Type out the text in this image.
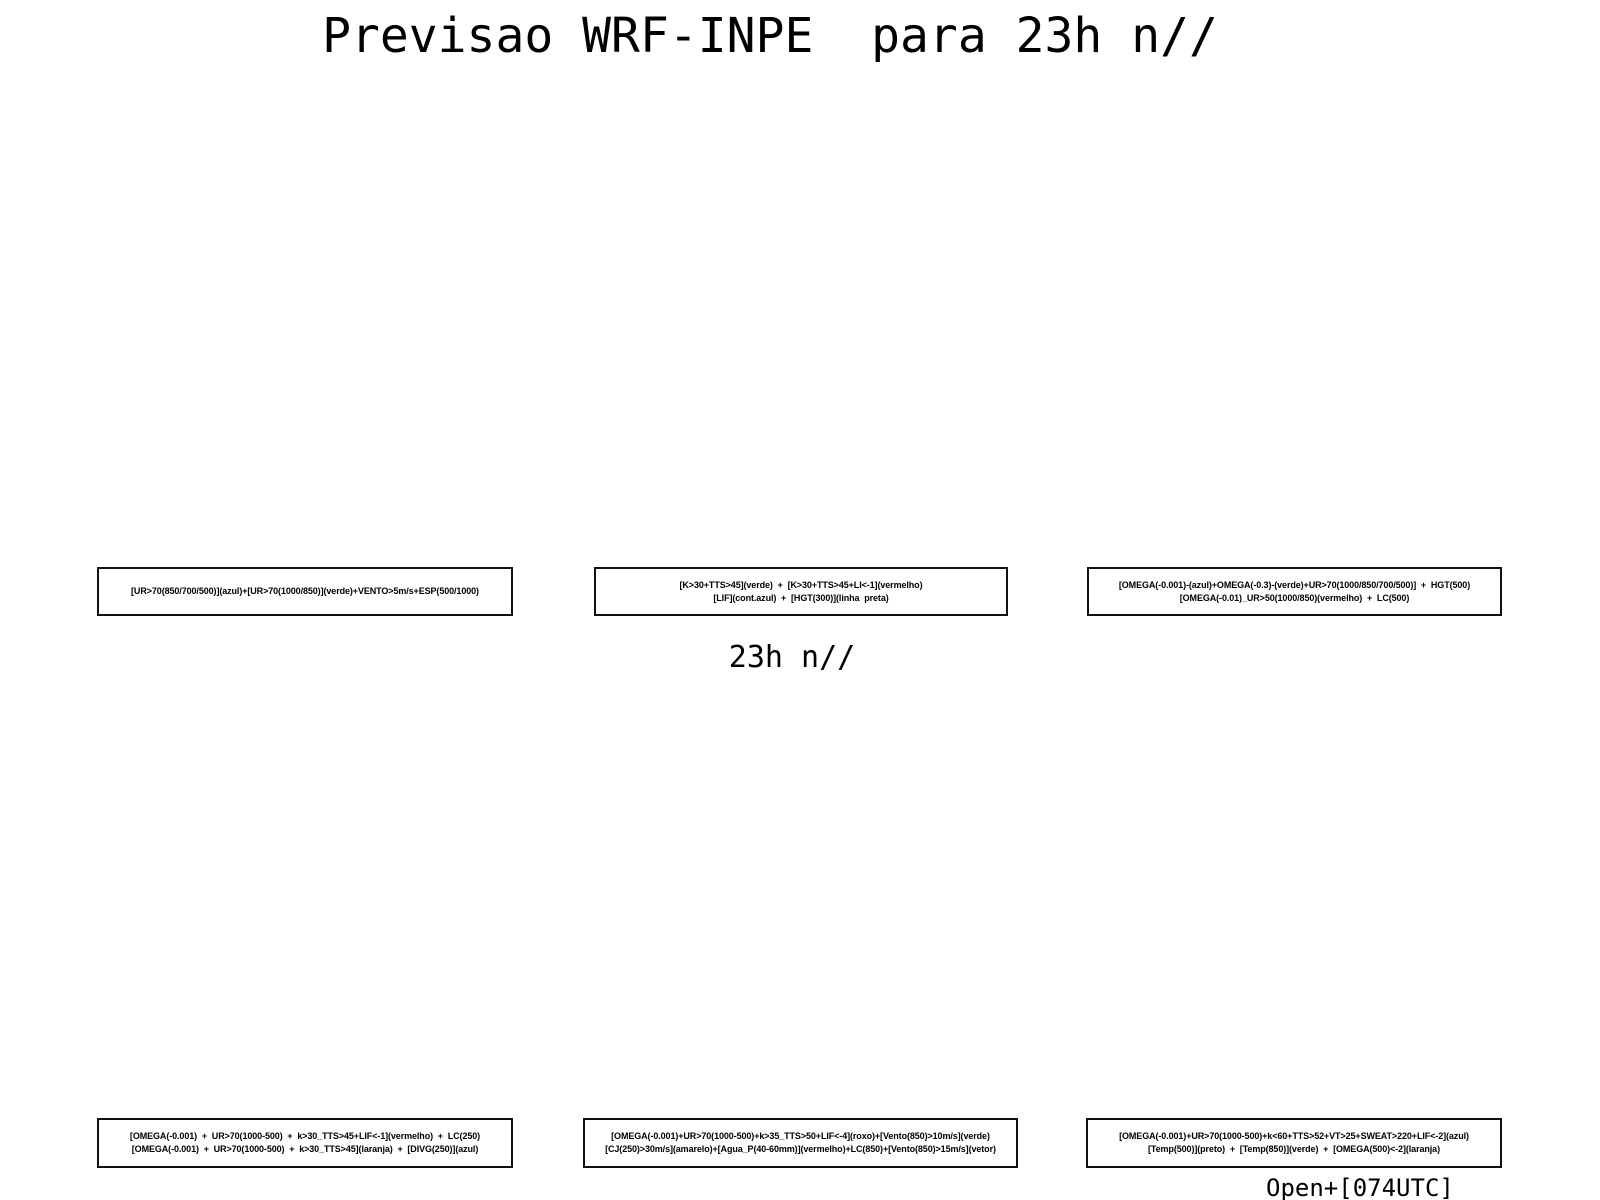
Previsao WRF-INPE  para 23h n//
[UR>70(850/700/500)](azul)+[UR>70(1000/850)](verde)+VENTO>5m/s+ESP(500/1000)
[K>30+TTS>45](verde)  +  [K>30+TTS>45+LI<-1](vermelho)
[LIF](cont.azul)  +  [HGT(300)](linha  preta)
[OMEGA(-0.001)-(azul)+OMEGA(-0.3)-(verde)+UR>70(1000/850/700/500)]  +  HGT(500)
[OMEGA(-0.01)_UR>50(1000/850)(vermelho)  +  LC(500)
23h n//
[OMEGA(-0.001)  +  UR>70(1000-500)  +  k>30_TTS>45+LIF<-1](vermelho)  +  LC(250)
[OMEGA(-0.001)  +  UR>70(1000-500)  +  k>30_TTS>45](laranja)  +  [DIVG(250)](azul)
[OMEGA(-0.001)+UR>70(1000-500)+k>35_TTS>50+LIF<-4](roxo)+[Vento(850)>10m/s](verde)
[CJ(250)>30m/s](amarelo)+[Agua_P(40-60mm)](vermelho)+LC(850)+[Vento(850)>15m/s](vetor)
[OMEGA(-0.001)+UR>70(1000-500)+k<60+TTS>52+VT>25+SWEAT>220+LIF<-2](azul)
[Temp(500)](preto)  +  [Temp(850)](verde)  +  [OMEGA(500)<-2](laranja)
Open+[074UTC]
